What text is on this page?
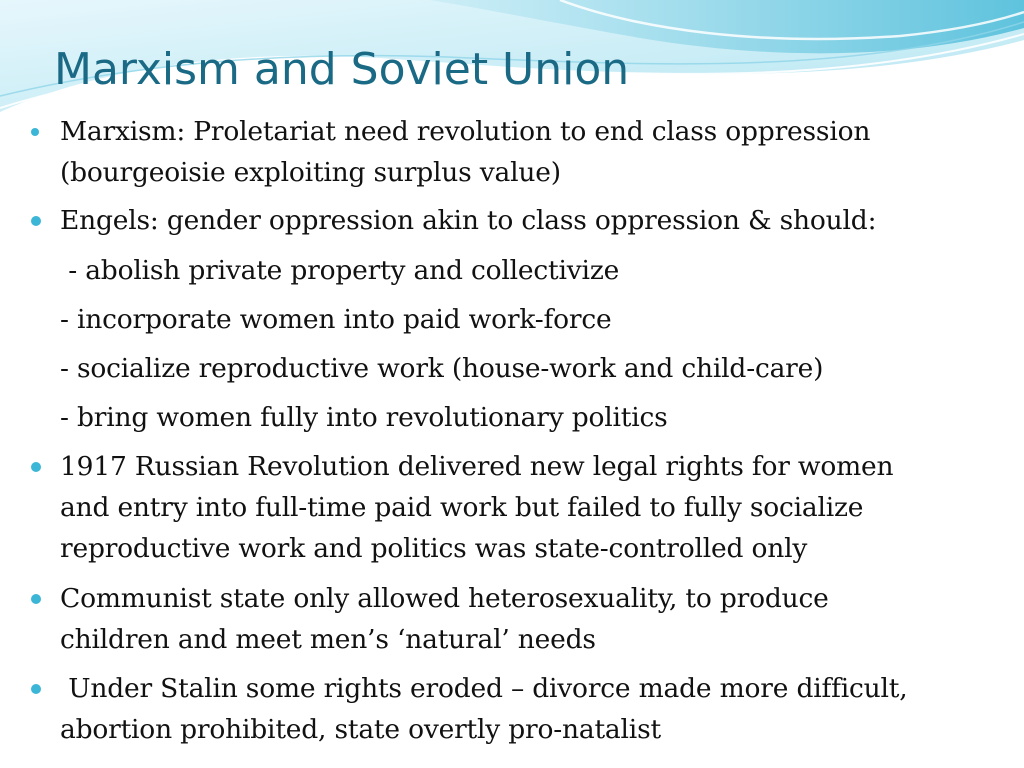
Marxism and Soviet Union
Marxism: Proletariat need revolution to end class oppression
(bourgeoisie exploiting surplus value)
Engels: gender oppression akin to class oppression & should:
- abolish private property and collectivize
- incorporate women into paid work-force
- socialize reproductive work (house-work and child-care)
- bring women fully into revolutionary politics
1917 Russian Revolution delivered new legal rights for women
and entry into full-time paid work but failed to fully socialize
reproductive work and politics was state-controlled only
Communist state only allowed heterosexuality, to produce
children and meet men’s ‘natural’ needs
Under Stalin some rights eroded – divorce made more difficult,
abortion prohibited, state overtly pro-natalist
